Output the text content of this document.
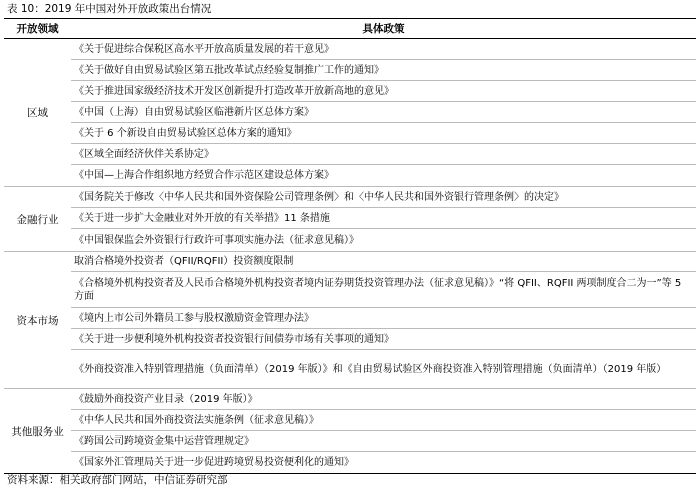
表 10：2019 年中国对外开放政策出台情况
开放领域	具体政策
区域
《关于促进综合保税区高水平开放高质量发展的若干意见》
《关于做好自由贸易试验区第五批改革试点经验复制推广工作的通知》
《关于推进国家级经济技术开发区创新提升打造改革开放新高地的意见》
《中国（上海）自由贸易试验区临港新片区总体方案》
《关于 6 个新设自由贸易试验区总体方案的通知》
《区域全面经济伙伴关系协定》
《中国—上海合作组织地方经贸合作示范区建设总体方案》
金融行业
《国务院关于修改〈中华人民共和国外资保险公司管理条例〉和〈中华人民共和国外资银行管理条例〉的决定》
《关于进一步扩大金融业对外开放的有关举措》11 条措施
《中国银保监会外资银行行政许可事项实施办法（征求意见稿）》
资本市场
取消合格境外投资者（QFII/RQFII）投资额度限制
《合格境外机构投资者及人民币合格境外机构投资者境内证券期货投资管理办法（征求意见稿）》“将 QFII、RQFII 两项制度合二为一”等 5 方面
《境内上市公司外籍员工参与股权激励资金管理办法》
《关于进一步便利境外机构投资者投资银行间债券市场有关事项的通知》
《外商投资准入特别管理措施（负面清单）（2019 年版）》和《自由贸易试验区外商投资准入特别管理措施（负面清单）（2019 年版）
其他服务业
《鼓励外商投资产业目录（2019 年版）》
《中华人民共和国外商投资法实施条例（征求意见稿）》
《跨国公司跨境资金集中运营管理规定》
《国家外汇管理局关于进一步促进跨境贸易投资便利化的通知》
资料来源：相关政府部门网站，中信证券研究部
